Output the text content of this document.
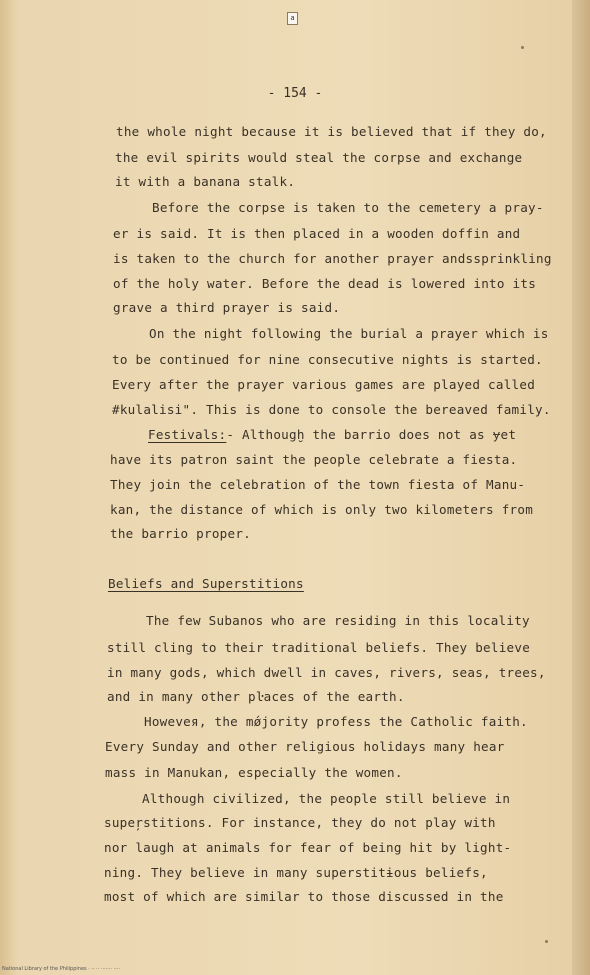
a
- 154 -
the whole night because it is believed that if they do,
the evil spirits would steal the corpse and exchange
it with a banana stalk.
Before the corpse is taken to the cemetery a pray-
er is said. It is then placed in a wooden doffin and
is taken to the church for another prayer andssprinkling
of the holy water. Before the dead is lowered into its
grave a third prayer is said.
On the night following the burial a prayer which is
to be continued for nine consecutive nights is started.
Every after the prayer various games are played called
#kulalisi". This is done to console the bereaved family.
Festivals:- Althougḫ the barrio does not as ɏet
have its patron saint the people celebrate a fiesta.
They join the celebration of the town fiesta of Manu-
kan, the distance of which is only two kilometers from
the barrio proper.
Beliefs and Superstitions
The few Subanos who are residing in this locality
still cling to their traditional beliefs. They believe
in many gods, which dwell in caves, rivers, seas, trees,
and in many other pŀaces of the earth.
Howeveя, the mǿjority profess the Catholic faith.
Every Sunday and other religious holidays many hear
mass in Manukan, especially the women.
Although civilized, the people still believe in
supeŗstitions. For instance, they do not play with
nor laugh at animals for fear of being hit by light-
ning. They believe in many superstitɨous beliefs,
most of which are similar to those discussed in the
National Library of the Philippines · ·· ·· ······· ····
